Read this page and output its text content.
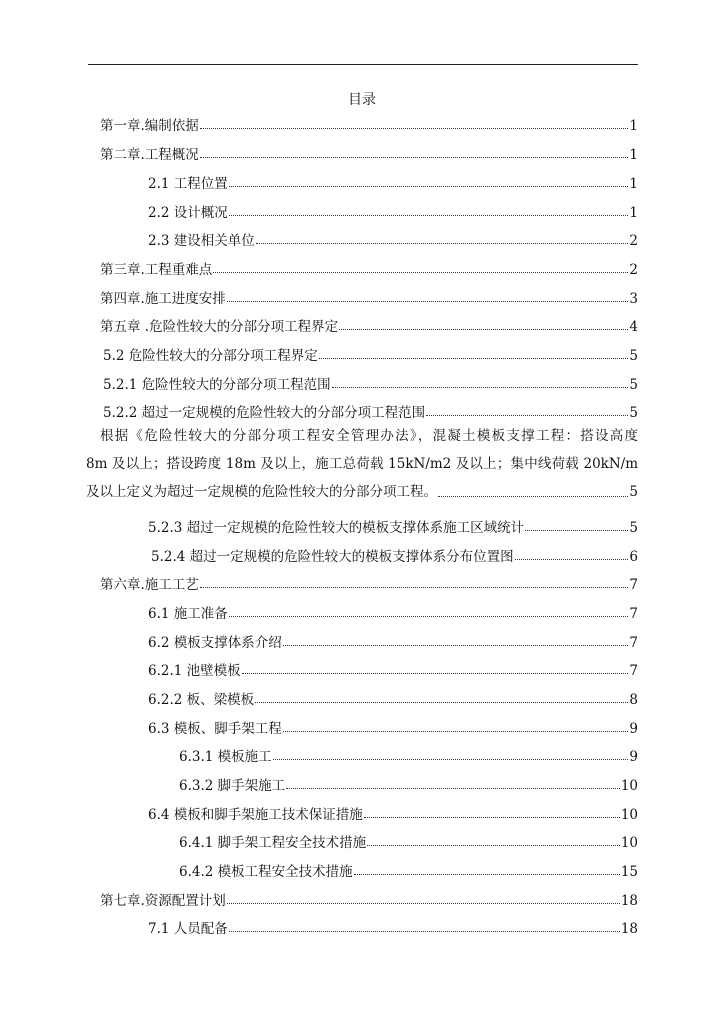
目录
第一章.编制依据	1
第二章.工程概况	1
2.1 工程位置	1
2.2 设计概况	1
2.3 建设相关单位	2
第三章.工程重难点	2
第四章.施工进度安排	3
第五章 .危险性较大的分部分项工程界定	4
5.2 危险性较大的分部分项工程界定	5
5.2.1 危险性较大的分部分项工程范围	5
5.2.2 超过一定规模的危险性较大的分部分项工程范围	5
根据《危险性较大的分部分项工程安全管理办法》，混凝土模板支撑工程：搭设高度
8m 及以上；搭设跨度 18m 及以上，施工总荷载 15kN/m2 及以上；集中线荷载 20kN/m
及以上定义为超过一定规模的危险性较大的分部分项工程。	5
5.2.3 超过一定规模的危险性较大的模板支撑体系施工区域统计	5
5.2.4 超过一定规模的危险性较大的模板支撑体系分布位置图	6
第六章.施工工艺	7
6.1 施工准备	7
6.2 模板支撑体系介绍	7
6.2.1 池壁模板	7
6.2.2 板、梁模板	8
6.3 模板、脚手架工程	9
6.3.1 模板施工	9
6.3.2 脚手架施工	10
6.4 模板和脚手架施工技术保证措施	10
6.4.1 脚手架工程安全技术措施	10
6.4.2 模板工程安全技术措施	15
第七章.资源配置计划	18
7.1 人员配备	18
